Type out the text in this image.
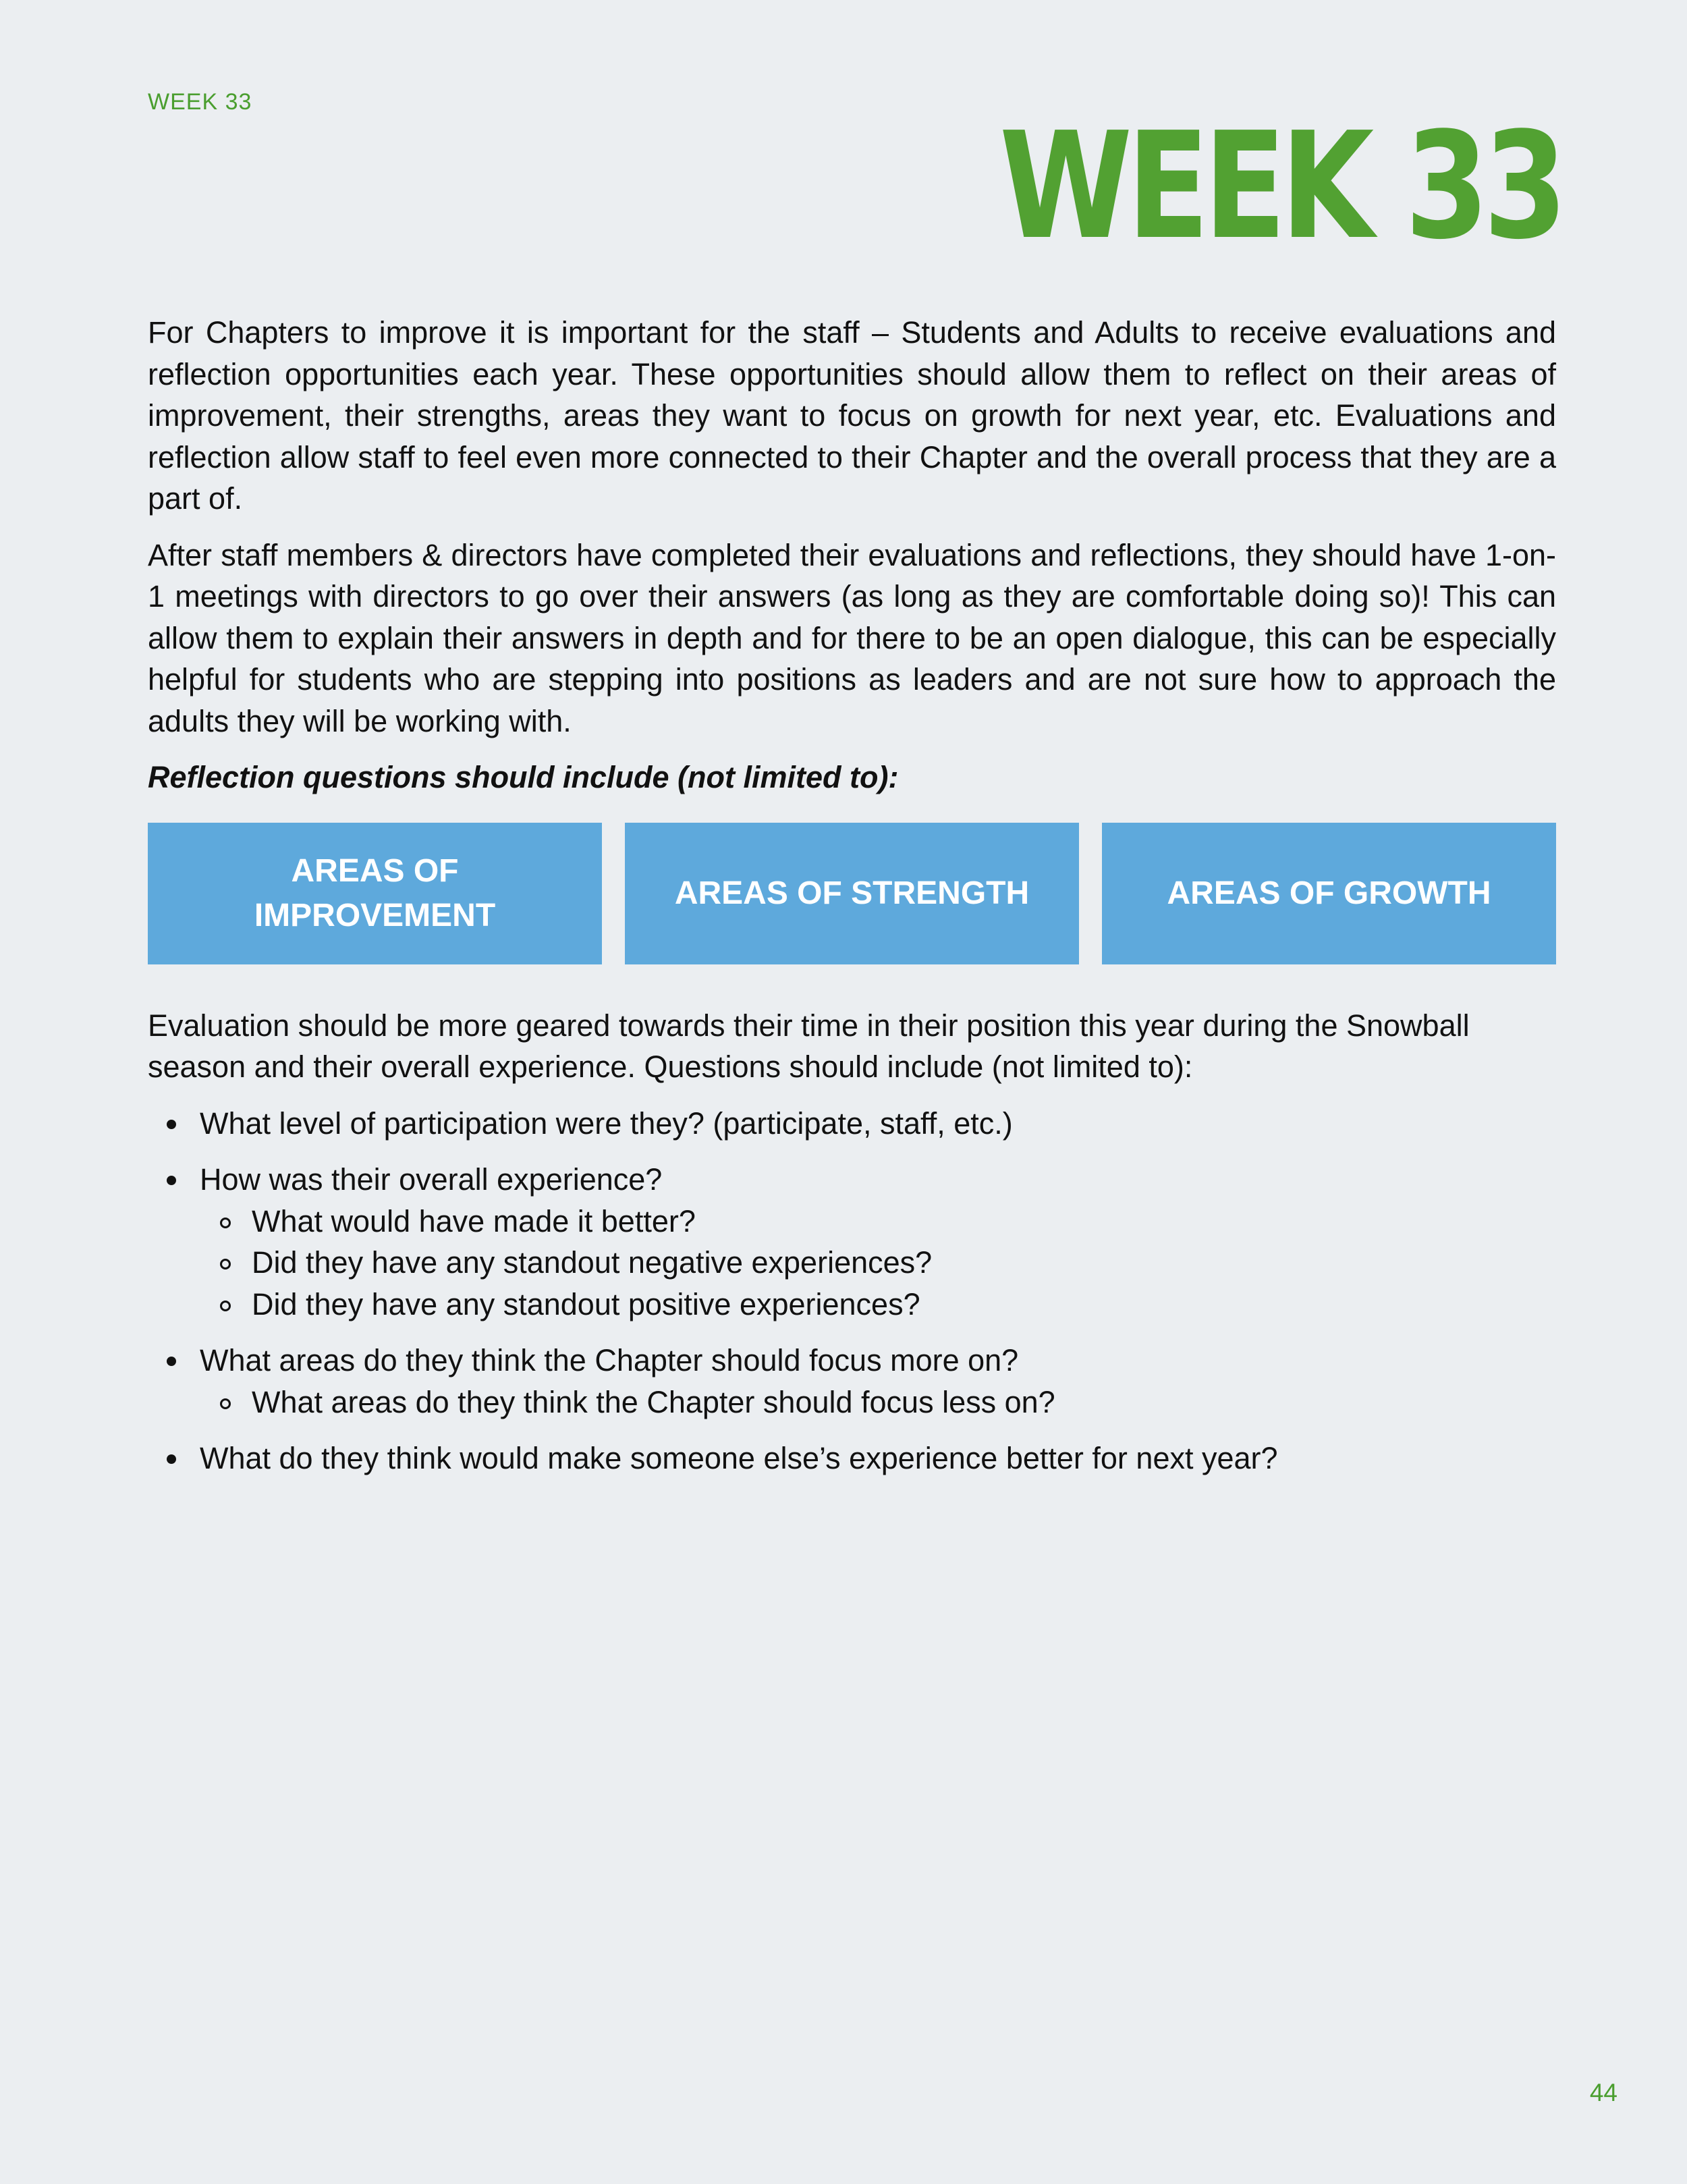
WEEK 33	WEEK 33

For Chapters to improve it is important for the staff – Students and Adults to receive evaluations and reflection opportunities each year. These opportunities should allow them to reflect on their areas of improvement, their strengths, areas they want to focus on growth for next year, etc. Evaluations and reflection allow staff to feel even more connected to their Chapter and the overall process that they are a part of.

After staff members & directors have completed their evaluations and reflections, they should have 1-on-1 meetings with directors to go over their answers (as long as they are comfortable doing so)! This can allow them to explain their answers in depth and for there to be an open dialogue, this can be especially helpful for students who are stepping into positions as leaders and are not sure how to approach the adults they will be working with.

Reflection questions should include (not limited to):

AREAS OF IMPROVEMENT
AREAS OF STRENGTH	AREAS OF GROWTH

Evaluation should be more geared towards their time in their position this year during the Snowball season and their overall experience. Questions should include (not limited to):

What level of participation were they? (participate, staff, etc.)
How was their overall experience?
What would have made it better?
Did they have any standout negative experiences?
Did they have any standout positive experiences?
What areas do they think the Chapter should focus more on?
What areas do they think the Chapter should focus less on?
What do they think would make someone else’s experience better for next year?
44
